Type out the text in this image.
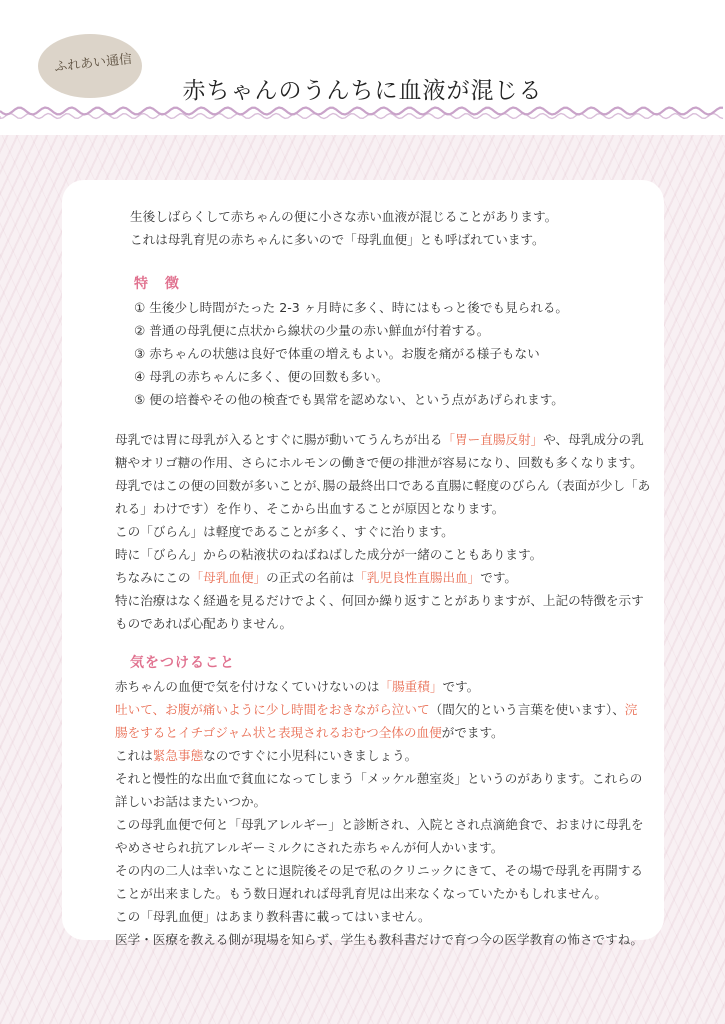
ふれあい通信
赤ちゃんのうんちに血液が混じる
生後しばらくして赤ちゃんの便に小さな赤い血液が混じることがあります。
これは母乳育児の赤ちゃんに多いので「母乳血便」とも呼ばれています。
特 徴
① 生後少し時間がたった 2-3 ヶ月時に多く、時にはもっと後でも見られる。
② 普通の母乳便に点状から線状の少量の赤い鮮血が付着する。
③ 赤ちゃんの状態は良好で体重の増えもよい。お腹を痛がる様子もない
④ 母乳の赤ちゃんに多く、便の回数も多い。
⑤ 便の培養やその他の検査でも異常を認めない、という点があげられます。
母乳では胃に母乳が入るとすぐに腸が動いてうんちが出る「胃ー直腸反射」や、母乳成分の乳
糖やオリゴ糖の作用、さらにホルモンの働きで便の排泄が容易になり、回数も多くなります。
母乳ではこの便の回数が多いことが､腸の最終出口である直腸に軽度のびらん（表面が少し「あ
れる」わけです）を作り、そこから出血することが原因となります。
この「びらん」は軽度であることが多く、すぐに治ります。
時に「びらん」からの粘液状のねばねばした成分が一緒のこともあります。
ちなみにこの「母乳血便」の正式の名前は「乳児良性直腸出血」です。
特に治療はなく経過を見るだけでよく、何回か繰り返すことがありますが、上記の特徴を示す
ものであれば心配ありません。
気をつけること
赤ちゃんの血便で気を付けなくていけないのは「腸重積」です。
吐いて、お腹が痛いように少し時間をおきながら泣いて（間欠的という言葉を使います）、浣
腸をするとイチゴジャム状と表現されるおむつ全体の血便がでます。
これは緊急事態なのですぐに小児科にいきましょう。
それと慢性的な出血で貧血になってしまう「メッケル憩室炎」というのがあります。これらの
詳しいお話はまたいつか。
この母乳血便で何と「母乳アレルギー」と診断され、入院とされ点滴絶食で、おまけに母乳を
やめさせられ抗アレルギーミルクにされた赤ちゃんが何人かいます。
その内の二人は幸いなことに退院後その足で私のクリニックにきて、その場で母乳を再開する
ことが出来ました。もう数日遅れれば母乳育児は出来なくなっていたかもしれません。
この「母乳血便」はあまり教科書に載ってはいません。
医学・医療を教える側が現場を知らず、学生も教科書だけで育つ今の医学教育の怖さですね。
